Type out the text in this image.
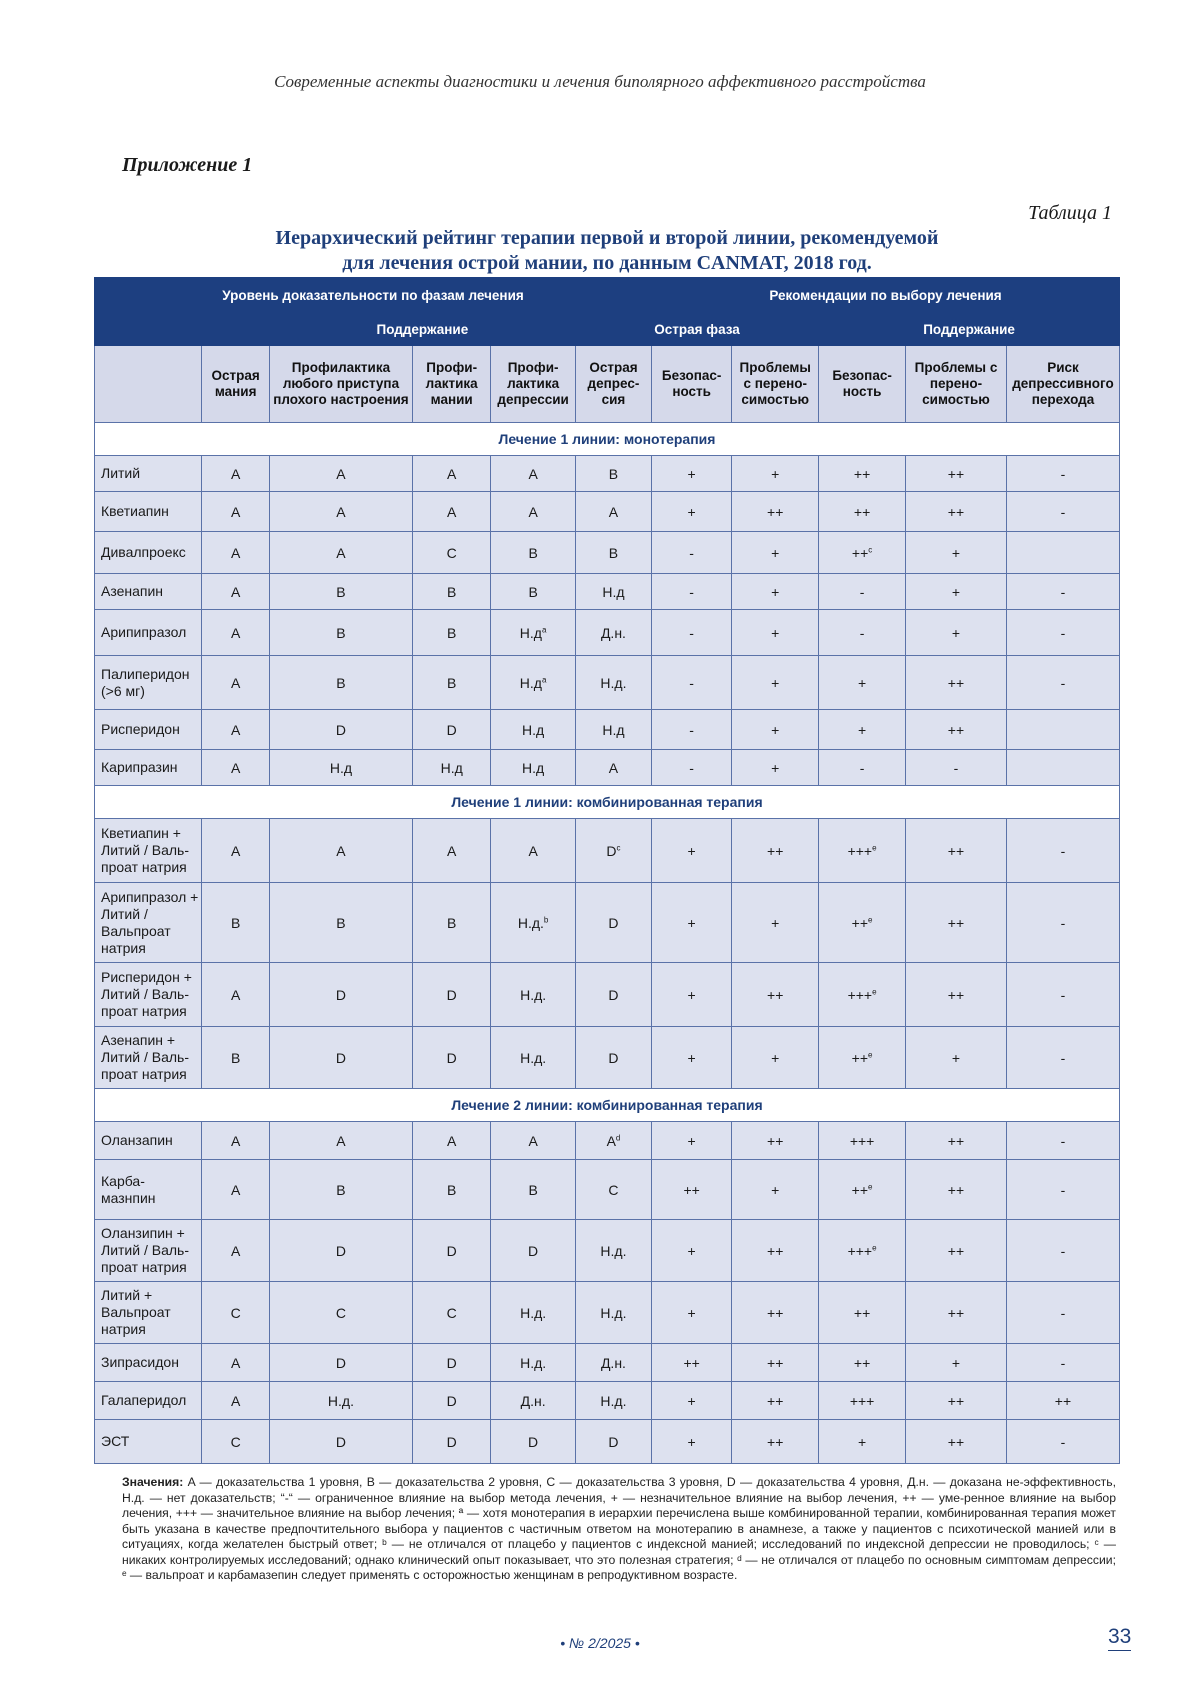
Современные аспекты диагностики и лечения биполярного аффективного расстройства
Приложение 1
Таблица 1
Иерархический рейтинг терапии первой и второй линии, рекомендуемой
для лечения острой мании, по данным CANMAT, 2018 год.
Уровень доказательности по фазам лечения						Рекомендации по выбору лечения				
		Поддержание			Острая фаза			Поддержание		
	Острая мания	Профилактика любого приступа плохого настроения	Профи-лактика мании	Профи-лактика депрессии	Острая депрес-сия	Безопас-ность	Проблемы с перено-симостью	Безопас-ность	Проблемы с перено-симостью	Риск депрессивного перехода
Лечение 1 линии: монотерапия										
Литий	A	A	A	A	B	+	+	++	++	-
Кветиапин	A	A	A	A	A	+	++	++	++	-
Дивалпроекс	A	A	C	B	B	-	+	++$^c$	+	
Азенапин	A	B	B	B	Н.д	-	+	-	+	-
Арипипразол	A	B	B	$Н.д^a$	Д.н.	-	+	-	+	-
Палиперидон (>6 мг)	A	B	B	$Н.д^a$	Н.д.	-	+	+	++	-
Рисперидон	A	D	D	Н.д	Н.д	-	+	+	++	
Карипразин	A	Н.д	Н.д	Н.д	A	-	+	-	-	
Лечение 1 линии: комбинированная терапия										
Кветиапин + Литий / Валь-проат натрия	A	A	A	A	$D^c$	+	++	+++$^e$	++	-
Арипипразол + Литий / Вальпроат натрия	B	B	B	Н.д.$^b$	D	+	+	++$^e$	++	-
Рисперидон + Литий / Валь-проат натрия	A	D	D	Н.д.	D	+	++	+++$^e$	++	-
Азенапин + Литий / Валь-проат натрия	B	D	D	Н.д.	D	+	+	++$^e$	+	-
Лечение 2 линии: комбинированная терапия										
Оланзапин	A	A	A	A	$A^d$	+	++	+++	++	-
Карба-мазнпин	A	B	B	B	C	++	+	++$^e$	++	-
Оланзипин + Литий / Валь-проат натрия	A	D	D	D	Н.д.	+	++	+++$^e$	++	-
Литий + Вальпроат натрия	C	C	C	Н.д.	Н.д.	+	++	++	++	-
Зипрасидон	A	D	D	Н.д.	Д.н.	++	++	++	+	-
Галаперидол	A	Н.д.	D	Д.н.	Н.д.	+	++	+++	++	++
ЭСТ	C	D	D	D	D	+	++	+	++	-
Значения: A — доказательства 1 уровня, B — доказательства 2 уровня, C — доказательства 3 уровня, D — доказательства 4 уровня, Д.н. — доказана не-эффективность, Н.д. — нет доказательств; “-“ — ограниченное влияние на выбор метода лечения, + — незначительное влияние на выбор лечения, ++ — уме-ренное влияние на выбор лечения, +++ — значительное влияние на выбор лечения; ª — хотя монотерапия в иерархии перечислена выше комбинированной терапии, комбинированная терапия может быть указана в качестве предпочтительного выбора у пациентов с частичным ответом на монотерапию в анамнезе, а также у пациентов с психотической манией или в ситуациях, когда желателен быстрый ответ; ᵇ — не отличался от плацебо у пациентов с индексной манией; исследований по индексной депрессии не проводилось; ᶜ — никаких контролируемых исследований; однако клинический опыт показывает, что это полезная стратегия; ᵈ — не отличался от плацебо по основным симптомам депрессии; ᵉ — вальпроат и карбамазепин следует применять с осторожностью женщинам в репродуктивном возрасте.
• № 2/2025 •	33
